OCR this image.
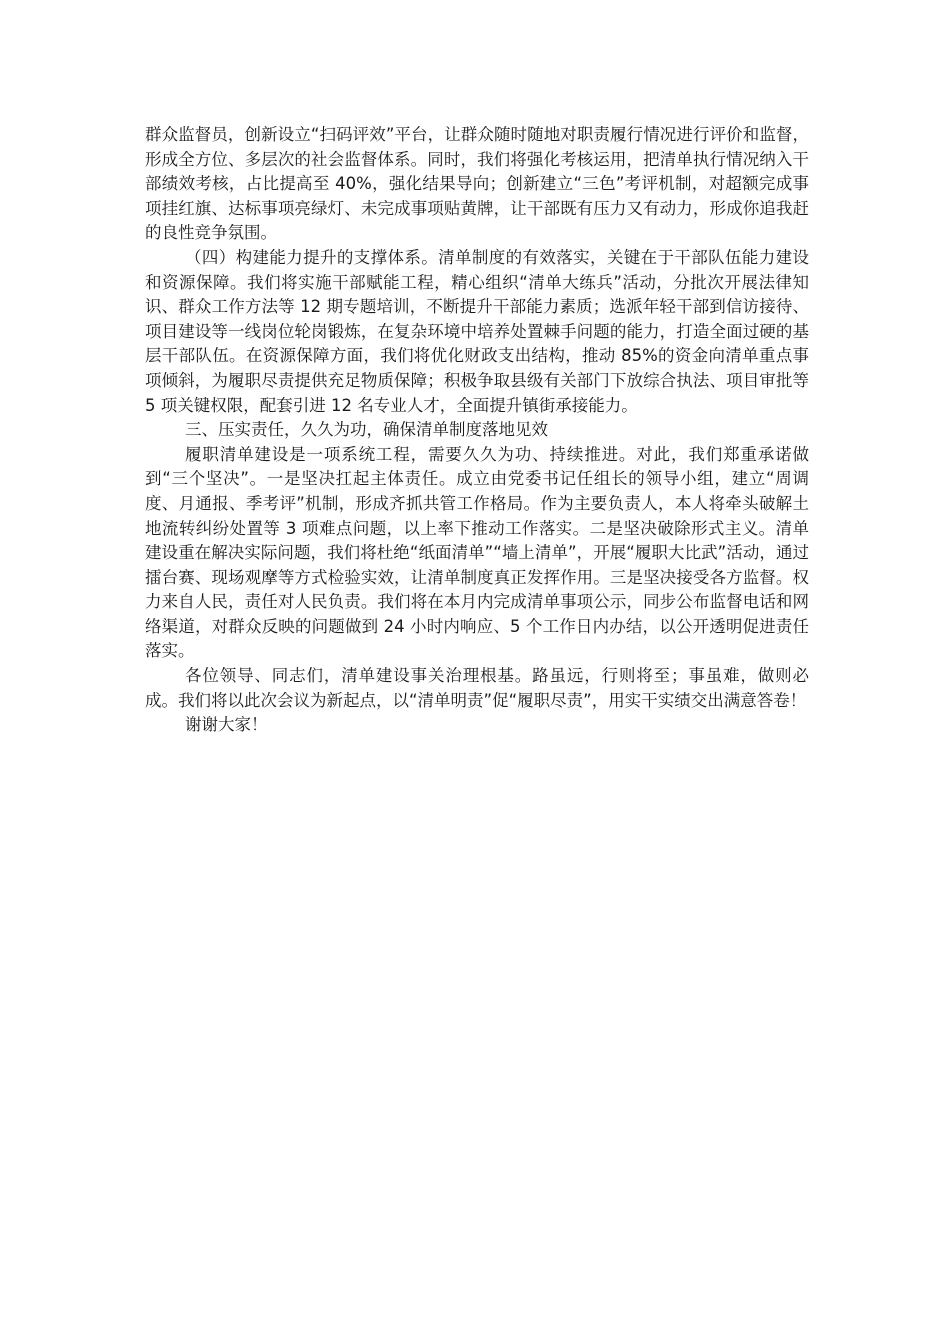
群众监督员，创新设立“扫码评效”平台，让群众随时随地对职责履行情况进行评价和监督，形成全方位、多层次的社会监督体系。同时，我们将强化考核运用，把清单执行情况纳入干部绩效考核，占比提高至 40%，强化结果导向；创新建立“三色”考评机制，对超额完成事项挂红旗、达标事项亮绿灯、未完成事项贴黄牌，让干部既有压力又有动力，形成你追我赶的良性竞争氛围。

（四）构建能力提升的支撑体系。清单制度的有效落实，关键在于干部队伍能力建设和资源保障。我们将实施干部赋能工程，精心组织“清单大练兵”活动，分批次开展法律知识、群众工作方法等 12 期专题培训，不断提升干部能力素质；选派年轻干部到信访接待、项目建设等一线岗位轮岗锻炼，在复杂环境中培养处置棘手问题的能力，打造全面过硬的基层干部队伍。在资源保障方面，我们将优化财政支出结构，推动 85%的资金向清单重点事项倾斜，为履职尽责提供充足物质保障；积极争取县级有关部门下放综合执法、项目审批等 5 项关键权限，配套引进 12 名专业人才，全面提升镇街承接能力。

三、压实责任，久久为功，确保清单制度落地见效

履职清单建设是一项系统工程，需要久久为功、持续推进。对此，我们郑重承诺做到“三个坚决”。一是坚决扛起主体责任。成立由党委书记任组长的领导小组，建立“周调度、月通报、季考评”机制，形成齐抓共管工作格局。作为主要负责人，本人将牵头破解土地流转纠纷处置等 3 项难点问题，以上率下推动工作落实。二是坚决破除形式主义。清单建设重在解决实际问题，我们将杜绝“纸面清单”“墙上清单”，开展“履职大比武”活动，通过擂台赛、现场观摩等方式检验实效，让清单制度真正发挥作用。三是坚决接受各方监督。权力来自人民，责任对人民负责。我们将在本月内完成清单事项公示，同步公布监督电话和网络渠道，对群众反映的问题做到 24 小时内响应、5 个工作日内办结，以公开透明促进责任落实。

各位领导、同志们，清单建设事关治理根基。路虽远，行则将至；事虽难，做则必成。我们将以此次会议为新起点，以“清单明责”促“履职尽责”，用实干实绩交出满意答卷！

谢谢大家！
